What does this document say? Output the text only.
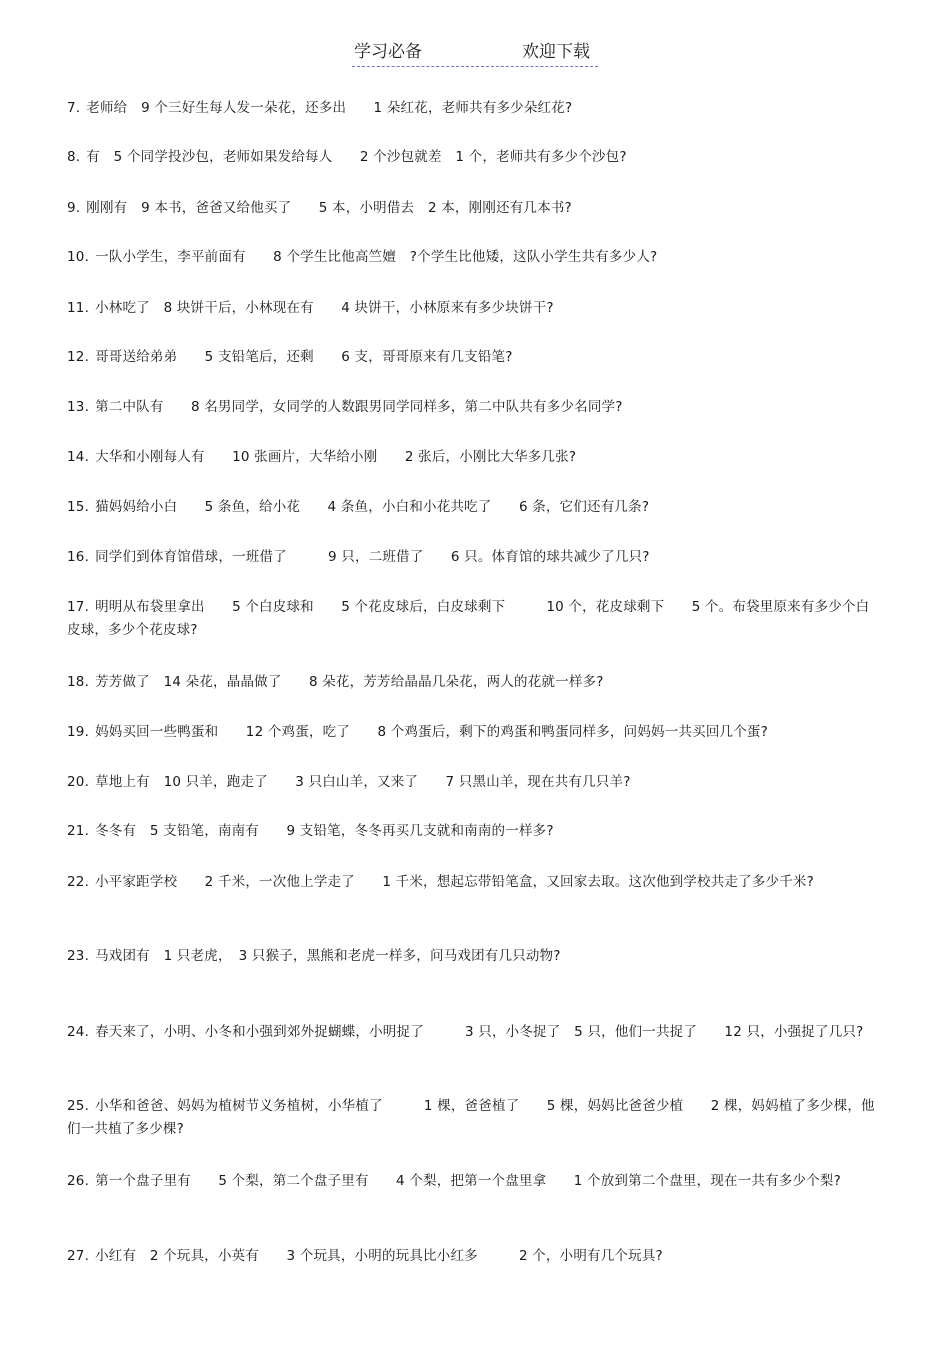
学习必备	欢迎下载
7. 老师给　9 个三好生每人发一朵花，还多出　　1 朵红花，老师共有多少朵红花?
8. 有　5 个同学投沙包，老师如果发给每人　　2 个沙包就差　1 个，老师共有多少个沙包?
9. 刚刚有　9 本书，爸爸又给他买了　　5 本，小明借去　2 本，刚刚还有几本书?
10. 一队小学生，李平前面有　　8 个学生比他高竺嬗　?个学生比他矮，这队小学生共有多少人?
11. 小林吃了　8 块饼干后，小林现在有　　4 块饼干，小林原来有多少块饼干?
12. 哥哥送给弟弟　　5 支铅笔后，还剩　　6 支，哥哥原来有几支铅笔?
13. 第二中队有　　8 名男同学，女同学的人数跟男同学同样多，第二中队共有多少名同学?
14. 大华和小刚每人有　　10 张画片，大华给小刚　　2 张后，小刚比大华多几张?
15. 猫妈妈给小白　　5 条鱼，给小花　　4 条鱼，小白和小花共吃了　　6 条，它们还有几条?
16. 同学们到体育馆借球，一班借了　　　9 只，二班借了　　6 只。体育馆的球共减少了几只?
17. 明明从布袋里拿出　　5 个白皮球和　　5 个花皮球后，白皮球剩下　　　10 个，花皮球剩下　　5 个。布袋里原来有多少个白皮球，多少个花皮球?
18. 芳芳做了　14 朵花，晶晶做了　　8 朵花，芳芳给晶晶几朵花，两人的花就一样多?
19. 妈妈买回一些鸭蛋和　　12 个鸡蛋，吃了　　8 个鸡蛋后，剩下的鸡蛋和鸭蛋同样多，问妈妈一共买回几个蛋?
20. 草地上有　10 只羊，跑走了　　3 只白山羊，又来了　　7 只黑山羊，现在共有几只羊?
21. 冬冬有　5 支铅笔，南南有　　9 支铅笔，冬冬再买几支就和南南的一样多?
22. 小平家距学校　　2 千米，一次他上学走了　　1 千米，想起忘带铅笔盒，又回家去取。这次他到学校共走了多少千米?
23. 马戏团有　1 只老虎，　3 只猴子，黑熊和老虎一样多，问马戏团有几只动物?
24. 春天来了，小明、小冬和小强到郊外捉蝴蝶，小明捉了　　　3 只，小冬捉了　5 只，他们一共捉了　　12 只，小强捉了几只?
25. 小华和爸爸、妈妈为植树节义务植树，小华植了　　　1 棵，爸爸植了　　5 棵，妈妈比爸爸少植　　2 棵，妈妈植了多少棵，他们一共植了多少棵?
26. 第一个盘子里有　　5 个梨，第二个盘子里有　　4 个梨，把第一个盘里拿　　1 个放到第二个盘里，现在一共有多少个梨?
27. 小红有　2 个玩具，小英有　　3 个玩具，小明的玩具比小红多　　　2 个，小明有几个玩具?
